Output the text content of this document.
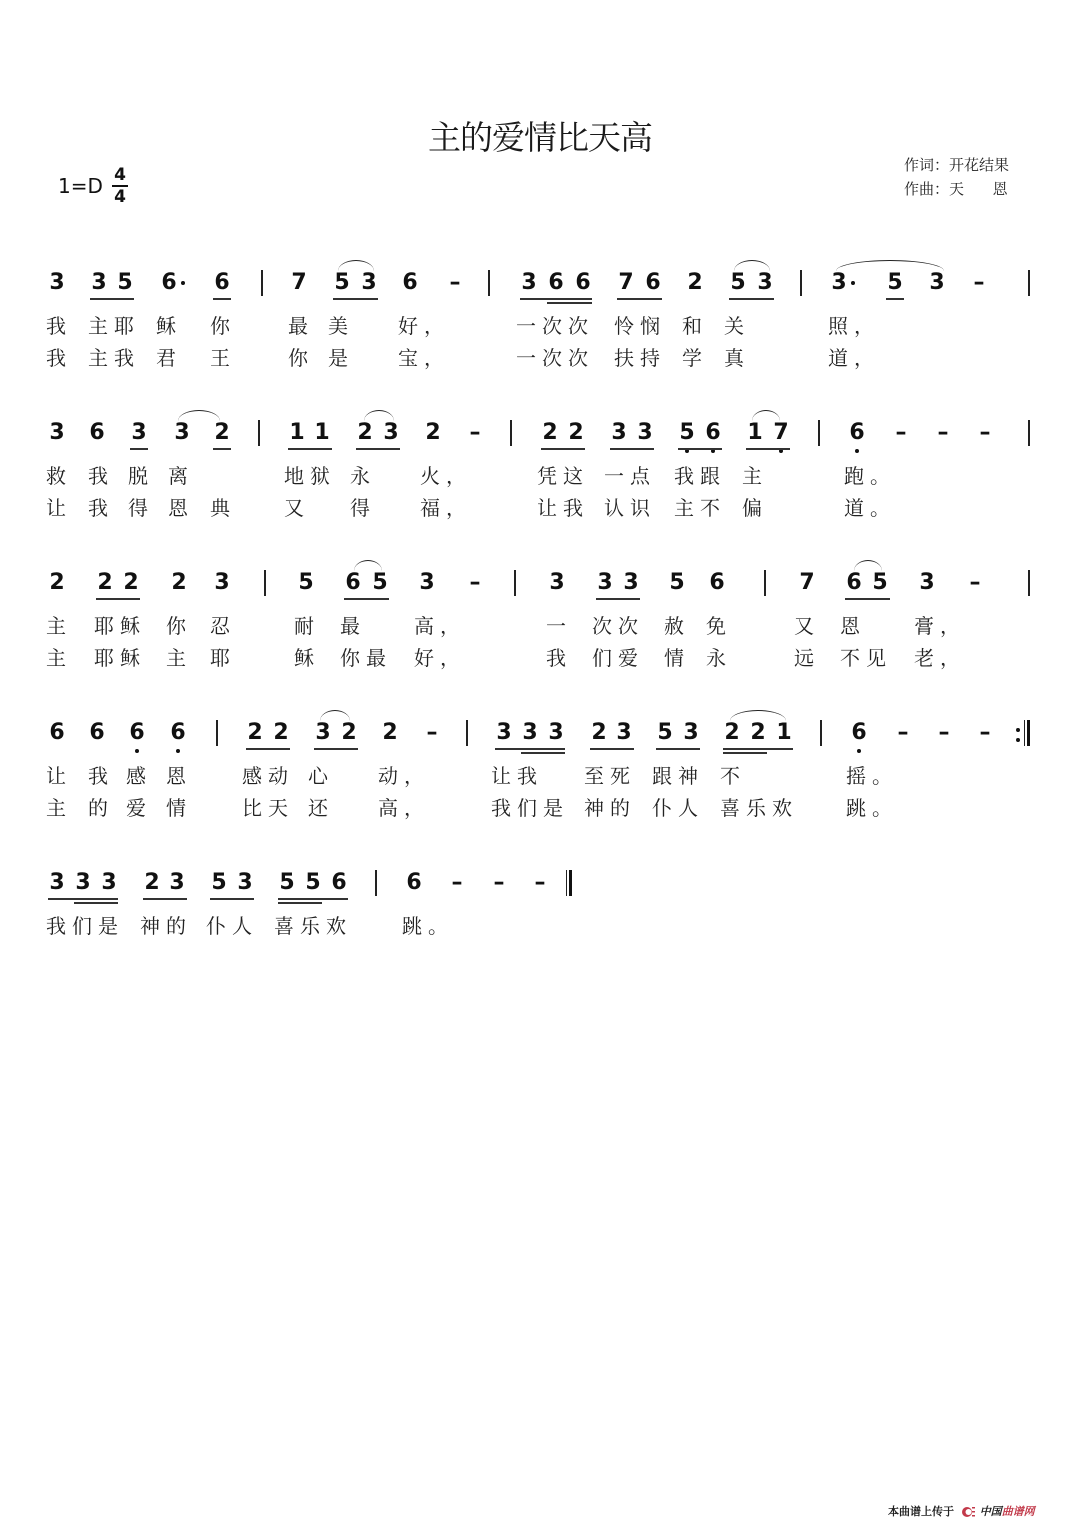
主的爱情比天高
1=D 4
4
作词：开花结果
作曲：天      恩
3 3 5 6 6	7 5 3 6 –	3 6 6 7 6 2 5 3	3 5 3 –
我 主耶 稣 你	最 美 好，	一次次 怜悯 和 关	照，
我 主我 君 王	你 是 宝，	一次次 扶持 学 真	道，
3 6 3 3 2	1 1 2 3 2 –	2 2 3 3 5 6 1 7	6 – – –
救 我 脱 离	地狱 永 火，	凭这 一点 我跟 主	跑。
让 我 得 恩 典 又 得 福，	让我 认识 主不 偏	道。
2 2 2 2 3	5 6 5 3 –	3 3 3 5 6	7 6 5 3 –
主 耶稣 你 忍	耐 最 高，	一 次次 赦 免	又 恩 膏，
主 耶稣 主 耶	稣 你最 好，	我 们爱 情 永	远 不见 老，
6 6 6 6	2 2 3 2 2 –	3 3 3 2 3 5 3 2 2 1	6 – – –
让 我 感 恩	感动 心 动，	让我 至死 跟神 不	摇。
主 的 爱 情	比天 还 高，	我们是 神的 仆人 喜乐欢 跳。
3 3 3 2 3 5 3 5 5 6	6 – – –
我们是 神的 仆人 喜乐欢	跳。
本曲谱上传于 中国曲谱网
